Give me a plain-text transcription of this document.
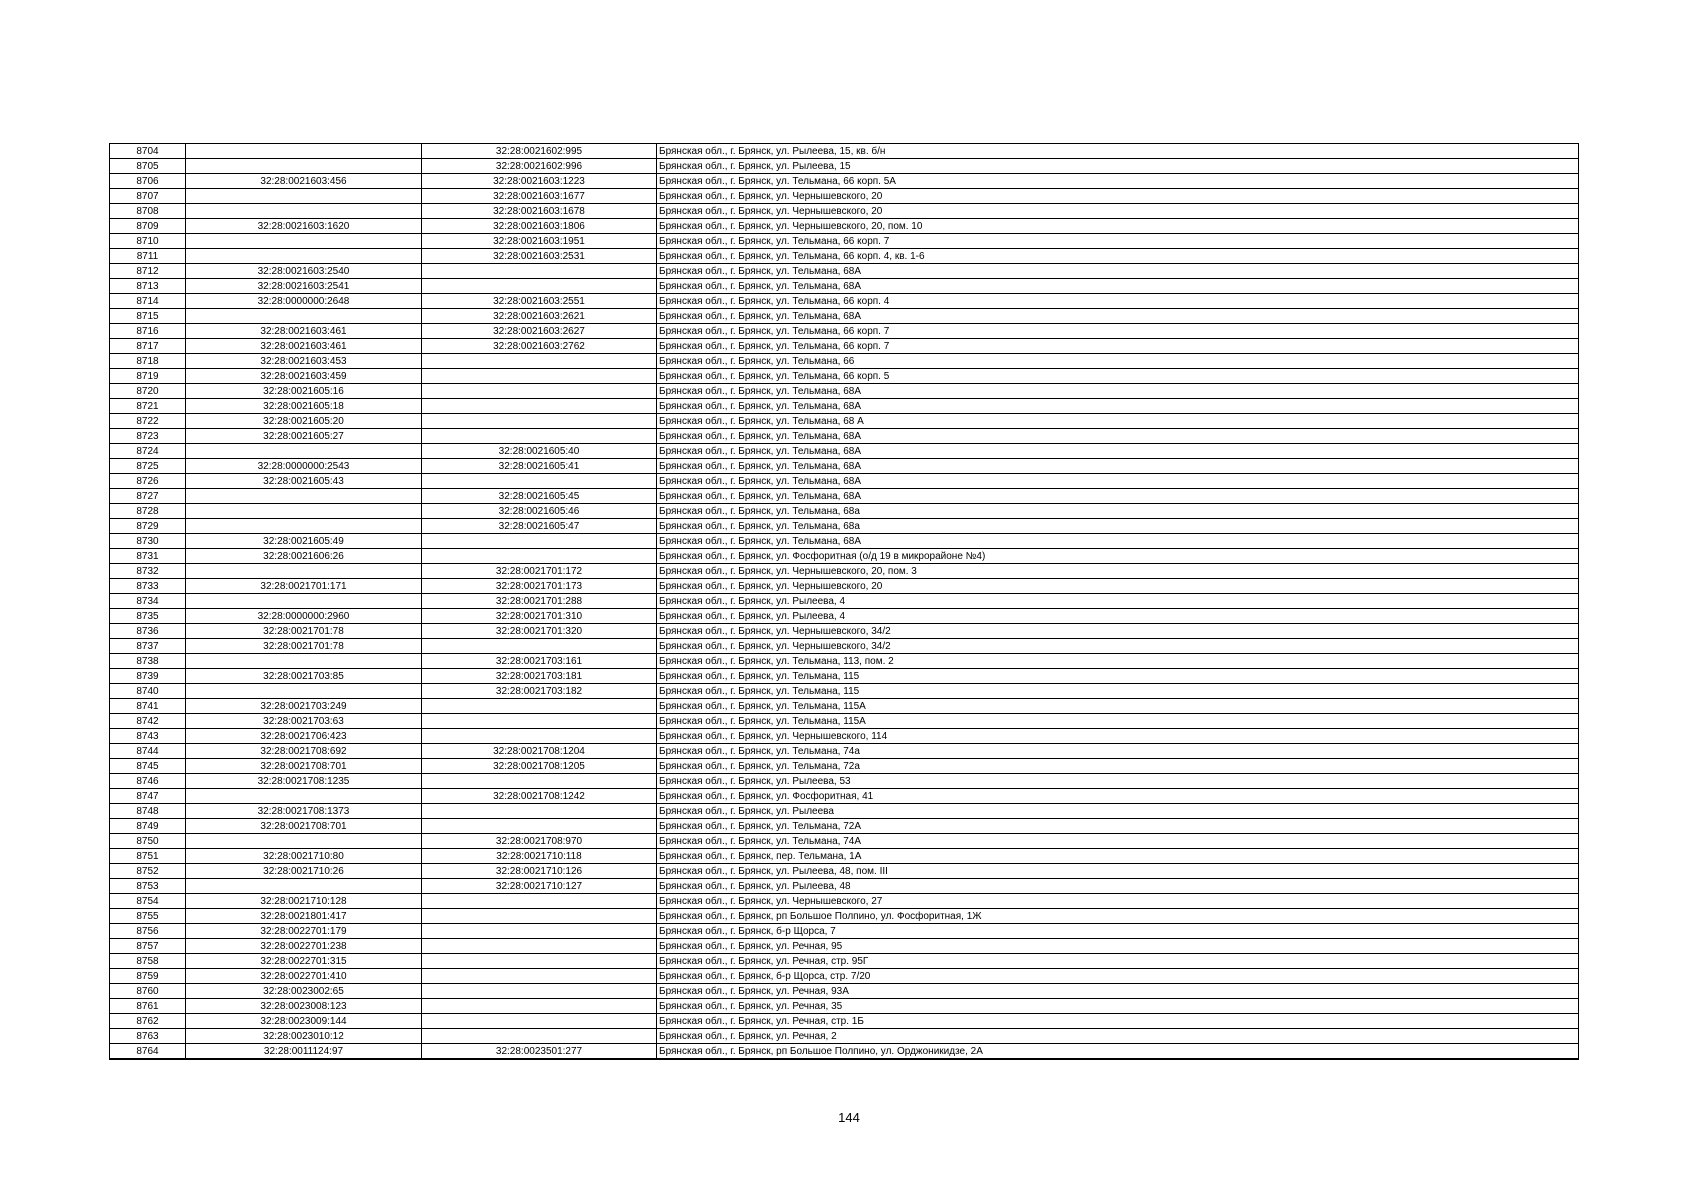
8704		32:28:0021602:995	Брянская обл., г. Брянск, ул. Рылеева, 15, кв. б/н
8705		32:28:0021602:996	Брянская обл., г. Брянск, ул. Рылеева, 15
8706	32:28:0021603:456	32:28:0021603:1223	Брянская обл., г. Брянск, ул. Тельмана, 66 корп. 5А
8707		32:28:0021603:1677	Брянская обл., г. Брянск, ул. Чернышевского, 20
8708		32:28:0021603:1678	Брянская обл., г. Брянск, ул. Чернышевского, 20
8709	32:28:0021603:1620	32:28:0021603:1806	Брянская обл., г. Брянск, ул. Чернышевского, 20, пом. 10
8710		32:28:0021603:1951	Брянская обл., г. Брянск, ул. Тельмана, 66 корп. 7
8711		32:28:0021603:2531	Брянская обл., г. Брянск, ул. Тельмана, 66 корп. 4, кв. 1-6
8712	32:28:0021603:2540		Брянская обл., г. Брянск, ул. Тельмана, 68А
8713	32:28:0021603:2541		Брянская обл., г. Брянск, ул. Тельмана, 68А
8714	32:28:0000000:2648	32:28:0021603:2551	Брянская обл., г. Брянск, ул. Тельмана, 66 корп. 4
8715		32:28:0021603:2621	Брянская обл., г. Брянск, ул. Тельмана, 68А
8716	32:28:0021603:461	32:28:0021603:2627	Брянская обл., г. Брянск, ул. Тельмана, 66 корп. 7
8717	32:28:0021603:461	32:28:0021603:2762	Брянская обл., г. Брянск, ул. Тельмана, 66 корп. 7
8718	32:28:0021603:453		Брянская обл., г. Брянск, ул. Тельмана, 66
8719	32:28:0021603:459		Брянская обл., г. Брянск, ул. Тельмана, 66 корп. 5
8720	32:28:0021605:16		Брянская обл., г. Брянск, ул. Тельмана, 68А
8721	32:28:0021605:18		Брянская обл., г. Брянск, ул. Тельмана, 68А
8722	32:28:0021605:20		Брянская обл., г. Брянск, ул. Тельмана, 68 А
8723	32:28:0021605:27		Брянская обл., г. Брянск, ул. Тельмана, 68А
8724		32:28:0021605:40	Брянская обл., г. Брянск, ул. Тельмана, 68А
8725	32:28:0000000:2543	32:28:0021605:41	Брянская обл., г. Брянск, ул. Тельмана, 68А
8726	32:28:0021605:43		Брянская обл., г. Брянск, ул. Тельмана, 68А
8727		32:28:0021605:45	Брянская обл., г. Брянск, ул. Тельмана, 68А
8728		32:28:0021605:46	Брянская обл., г. Брянск, ул. Тельмана, 68а
8729		32:28:0021605:47	Брянская обл., г. Брянск, ул. Тельмана, 68а
8730	32:28:0021605:49		Брянская обл., г. Брянск, ул. Тельмана, 68А
8731	32:28:0021606:26		Брянская обл., г. Брянск, ул. Фосфоритная (о/д 19 в микрорайоне №4)
8732		32:28:0021701:172	Брянская обл., г. Брянск, ул. Чернышевского, 20, пом. 3
8733	32:28:0021701:171	32:28:0021701:173	Брянская обл., г. Брянск, ул. Чернышевского, 20
8734		32:28:0021701:288	Брянская обл., г. Брянск, ул. Рылеева, 4
8735	32:28:0000000:2960	32:28:0021701:310	Брянская обл., г. Брянск, ул. Рылеева, 4
8736	32:28:0021701:78	32:28:0021701:320	Брянская обл., г. Брянск, ул. Чернышевского, 34/2
8737	32:28:0021701:78		Брянская обл., г. Брянск, ул. Чернышевского, 34/2
8738		32:28:0021703:161	Брянская обл., г. Брянск, ул. Тельмана, 113, пом. 2
8739	32:28:0021703:85	32:28:0021703:181	Брянская обл., г. Брянск, ул. Тельмана, 115
8740		32:28:0021703:182	Брянская обл., г. Брянск, ул. Тельмана, 115
8741	32:28:0021703:249		Брянская обл., г. Брянск, ул. Тельмана, 115А
8742	32:28:0021703:63		Брянская обл., г. Брянск, ул. Тельмана, 115А
8743	32:28:0021706:423		Брянская обл., г. Брянск, ул. Чернышевского, 114
8744	32:28:0021708:692	32:28:0021708:1204	Брянская обл., г. Брянск, ул. Тельмана, 74а
8745	32:28:0021708:701	32:28:0021708:1205	Брянская обл., г. Брянск, ул. Тельмана, 72а
8746	32:28:0021708:1235		Брянская обл., г. Брянск, ул. Рылеева, 53
8747		32:28:0021708:1242	Брянская обл., г. Брянск, ул. Фосфоритная, 41
8748	32:28:0021708:1373		Брянская обл., г. Брянск, ул. Рылеева
8749	32:28:0021708:701		Брянская обл., г. Брянск, ул. Тельмана, 72А
8750		32:28:0021708:970	Брянская обл., г. Брянск, ул. Тельмана, 74А
8751	32:28:0021710:80	32:28:0021710:118	Брянская обл., г. Брянск, пер. Тельмана, 1А
8752	32:28:0021710:26	32:28:0021710:126	Брянская обл., г. Брянск, ул. Рылеева, 48, пом. III
8753		32:28:0021710:127	Брянская обл., г. Брянск, ул. Рылеева, 48
8754	32:28:0021710:128		Брянская обл., г. Брянск, ул. Чернышевского, 27
8755	32:28:0021801:417		Брянская обл., г. Брянск, рп Большое Полпино, ул. Фосфоритная, 1Ж
8756	32:28:0022701:179		Брянская обл., г. Брянск, б-р Щорса, 7
8757	32:28:0022701:238		Брянская обл., г. Брянск, ул. Речная, 95
8758	32:28:0022701:315		Брянская обл., г. Брянск, ул. Речная, стр. 95Г
8759	32:28:0022701:410		Брянская обл., г. Брянск, б-р Щорса, стр. 7/20
8760	32:28:0023002:65		Брянская обл., г. Брянск, ул. Речная, 93А
8761	32:28:0023008:123		Брянская обл., г. Брянск, ул. Речная, 35
8762	32:28:0023009:144		Брянская обл., г. Брянск, ул. Речная, стр. 1Б
8763	32:28:0023010:12		Брянская обл., г. Брянск, ул. Речная, 2
8764	32:28:0011124:97	32:28:0023501:277	Брянская обл., г. Брянск, рп Большое Полпино, ул. Орджоникидзе, 2А
144
